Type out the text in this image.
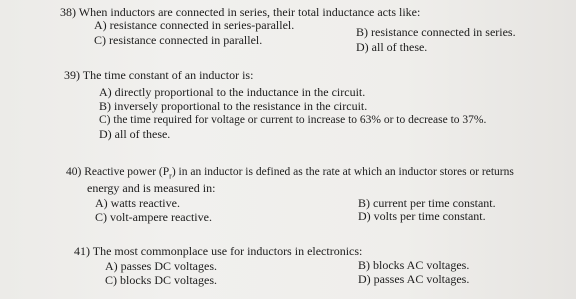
38) When inductors are connected in series, their total inductance acts like:
A) resistance connected in series-parallel.	B) resistance connected in series.
C) resistance connected in parallel.	D) all of these.
39) The time constant of an inductor is:
A) directly proportional to the inductance in the circuit.
B) inversely proportional to the resistance in the circuit.
C) the time required for voltage or current to increase to 63% or to decrease to 37%.
D) all of these.
40) Reactive power $(P_r)$ in an inductor is defined as the rate at which an inductor stores or returns
energy and is measured in:
A) watts reactive.	B) current per time constant.
C) volt-ampere reactive.	D) volts per time constant.
41) The most commonplace use for inductors in electronics:
A) passes DC voltages.	B) blocks AC voltages.
C) blocks DC voltages.	D) passes AC voltages.
